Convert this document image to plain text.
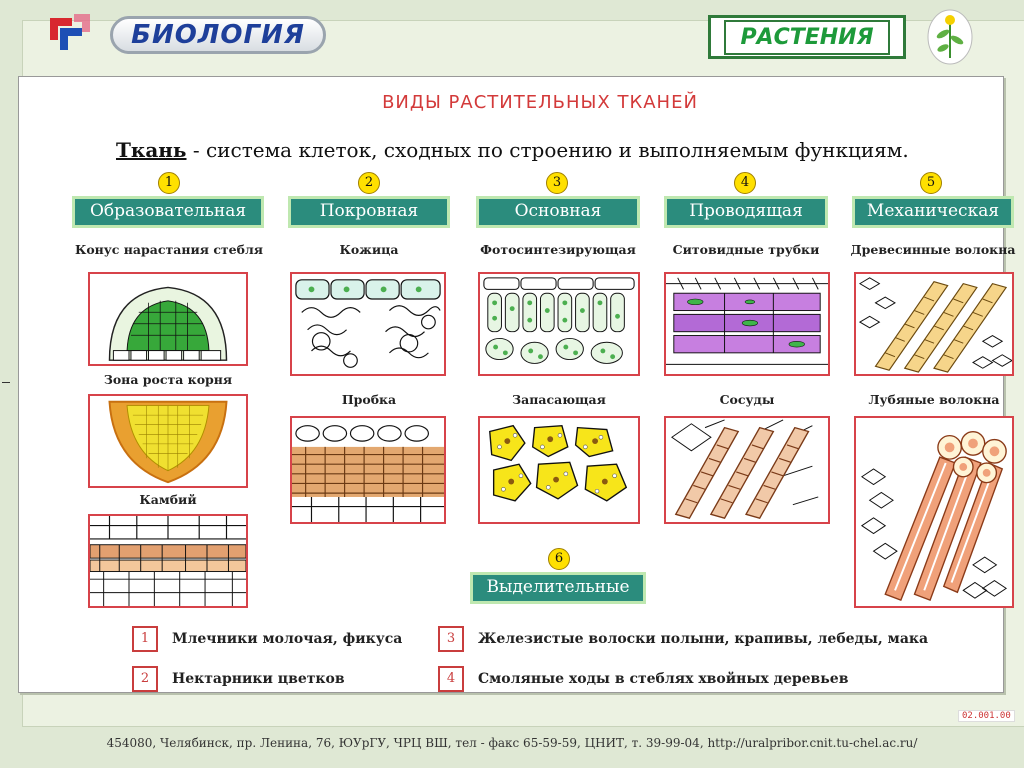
БИОЛОГИЯ	РАСТЕНИЯ
ВИДЫ РАСТИТЕЛЬНЫХ ТКАНЕЙ
Ткань - система клеток, сходных по строению и выполняемым функциям.
1	2	3	4	5
Образовательная	Покровная	Основная	Проводящая	Механическая
Конус нарастания стебля	Кожица	Фотосинтезирующая	Ситовидные трубки	Древесинные волокна
Зона роста корня
Камбий
Пробка	Запасающая	Сосуды	Лубяные волокна
6
Выделительные
1	Млечники молочая, фикуса
2	Нектарники цветков
3	Железистые волоски полыни, крапивы, лебеды, мака
4	Смоляные ходы в стеблях хвойных деревьев
02.001.00
454080, Челябинск, пр. Ленина, 76, ЮУрГУ, ЧРЦ ВШ, тел - факс 65-59-59, ЦНИТ, т. 39-99-04, http://uralpribor.cnit.tu-chel.ac.ru/
